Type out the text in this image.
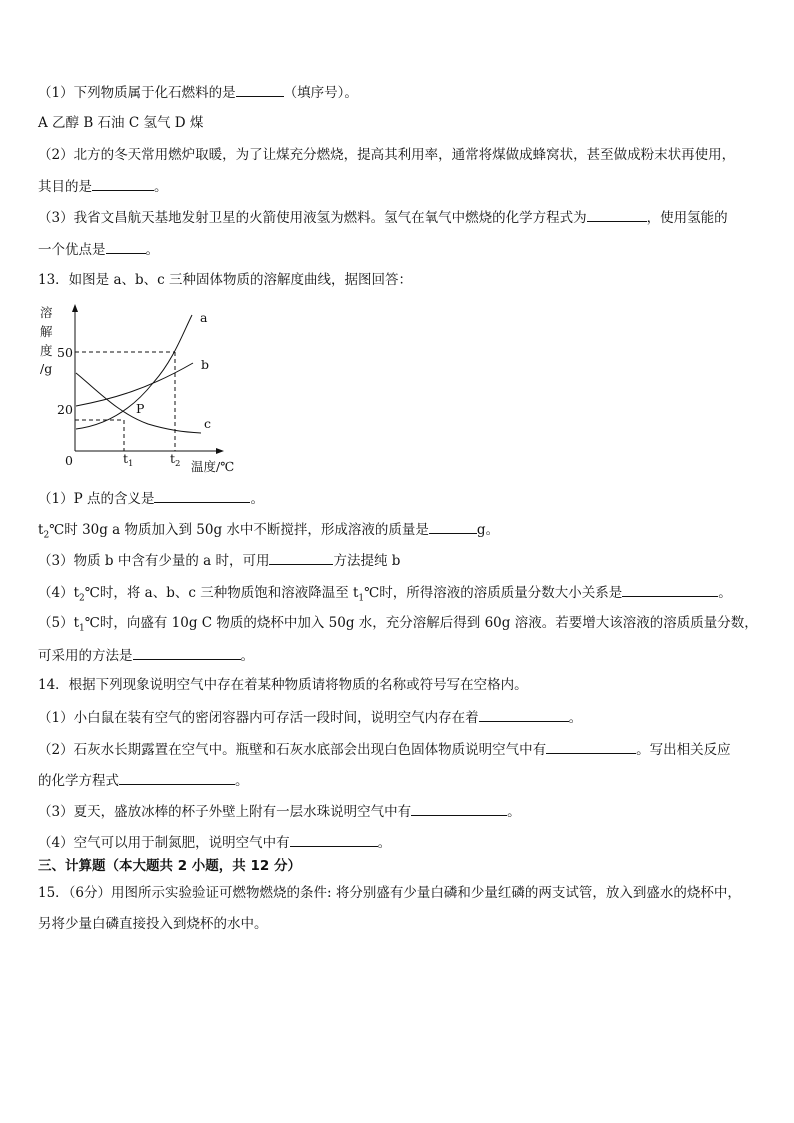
（1）下列物质属于化石燃料的是	（填序号）。
A 乙醇 B 石油 C 氢气 D 煤
（2）北方的冬天常用燃炉取暖，为了让煤充分燃烧，提高其利用率，通常将煤做成蜂窝状，甚至做成粉末状再使用，
其目的是	。
（3）我省文昌航天基地发射卫星的火箭使用液氢为燃料。氢气在氧气中燃烧的化学方程式为	，使用氢能的
一个优点是	。
13．如图是 a、b、c 三种固体物质的溶解度曲线，据图回答：
溶
解
度
/g
50
20
0	$t_1$	$t_2$ 温度/℃
a
b
c
P
（1）P 点的含义是	。
$t_2℃$时 30g a 物质加入到 50g 水中不断搅拌，形成溶液的质量是	g。
（3）物质 b 中含有少量的 a 时，可用	方法提纯 b
$(4)t_2℃$时，将 a、b、c 三种物质饱和溶液降温至 $t_1℃$时，所得溶液的溶质质量分数大小关系是	。
$(5)t_1℃$时，向盛有 10g C 物质的烧杯中加入 50g 水，充分溶解后得到 60g 溶液。若要增大该溶液的溶质质量分数，
可采用的方法是	。
14．根据下列现象说明空气中存在着某种物质请将物质的名称或符号写在空格内。
（1）小白鼠在装有空气的密闭容器内可存活一段时间，说明空气内存在着	。
（2）石灰水长期露置在空气中。瓶壁和石灰水底部会出现白色固体物质说明空气中有	。写出相关反应
的化学方程式	。
（3）夏天，盛放冰棒的杯子外壁上附有一层水珠说明空气中有	。
（4）空气可以用于制氮肥，说明空气中有	。
三、计算题（本大题共 2 小题，共 12 分）
15．（6分）用图所示实验验证可燃物燃烧的条件: 将分别盛有少量白磷和少量红磷的两支试管，放入到盛水的烧杯中，
另将少量白磷直接投入到烧杯的水中。
